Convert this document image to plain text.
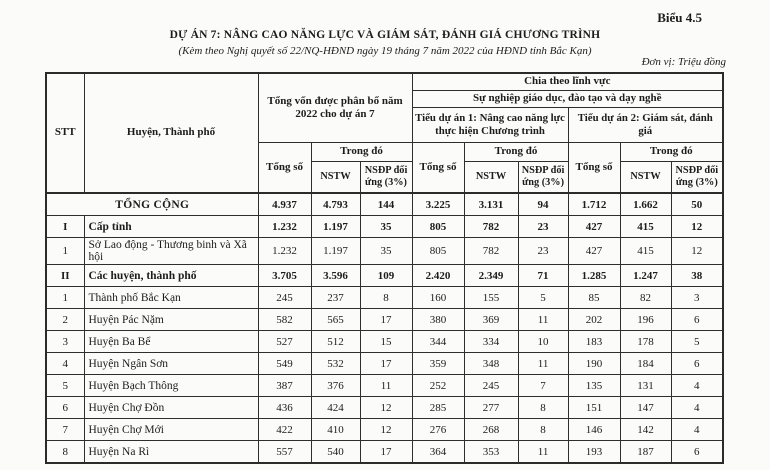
Biểu 4.5
DỰ ÁN 7: NÂNG CAO NĂNG LỰC VÀ GIÁM SÁT, ĐÁNH GIÁ CHƯƠNG TRÌNH
(Kèm theo Nghị quyết số 22/NQ-HĐND ngày 19 tháng 7 năm 2022 của HĐND tỉnh Bắc Kạn)
Đơn vị: Triệu đồng
STT	Huyện, Thành phố	Tổng vốn được phân bổ năm 2022 cho dự án 7			Chia theo lĩnh vực					
					Sự nghiệp giáo dục, đào tạo và dạy nghề					
					Tiểu dự án 1: Nâng cao năng lực thực hiện Chương trình			Tiểu dự án 2: Giám sát, đánh giá		
		Tổng số	Trong đó		Tổng số	Trong đó		Tổng số	Trong đó	
			NSTW	NSĐP đối ứng (3%)		NSTW	NSĐP đối ứng (3%)		NSTW	NSĐP đối ứng (3%)
TỔNG CỘNG		4.937	4.793	144	3.225	3.131	94	1.712	1.662	50
I	Cấp tỉnh	1.232	1.197	35	805	782	23	427	415	12
1	Sở Lao động - Thương binh và Xã hội	1.232	1.197	35	805	782	23	427	415	12
II	Các huyện, thành phố	3.705	3.596	109	2.420	2.349	71	1.285	1.247	38
1	Thành phố Bắc Kạn	245	237	8	160	155	5	85	82	3
2	Huyện Pác Nặm	582	565	17	380	369	11	202	196	6
3	Huyện Ba Bể	527	512	15	344	334	10	183	178	5
4	Huyện Ngân Sơn	549	532	17	359	348	11	190	184	6
5	Huyện Bạch Thông	387	376	11	252	245	7	135	131	4
6	Huyện Chợ Đồn	436	424	12	285	277	8	151	147	4
7	Huyện Chợ Mới	422	410	12	276	268	8	146	142	4
8	Huyện Na Rì	557	540	17	364	353	11	193	187	6
